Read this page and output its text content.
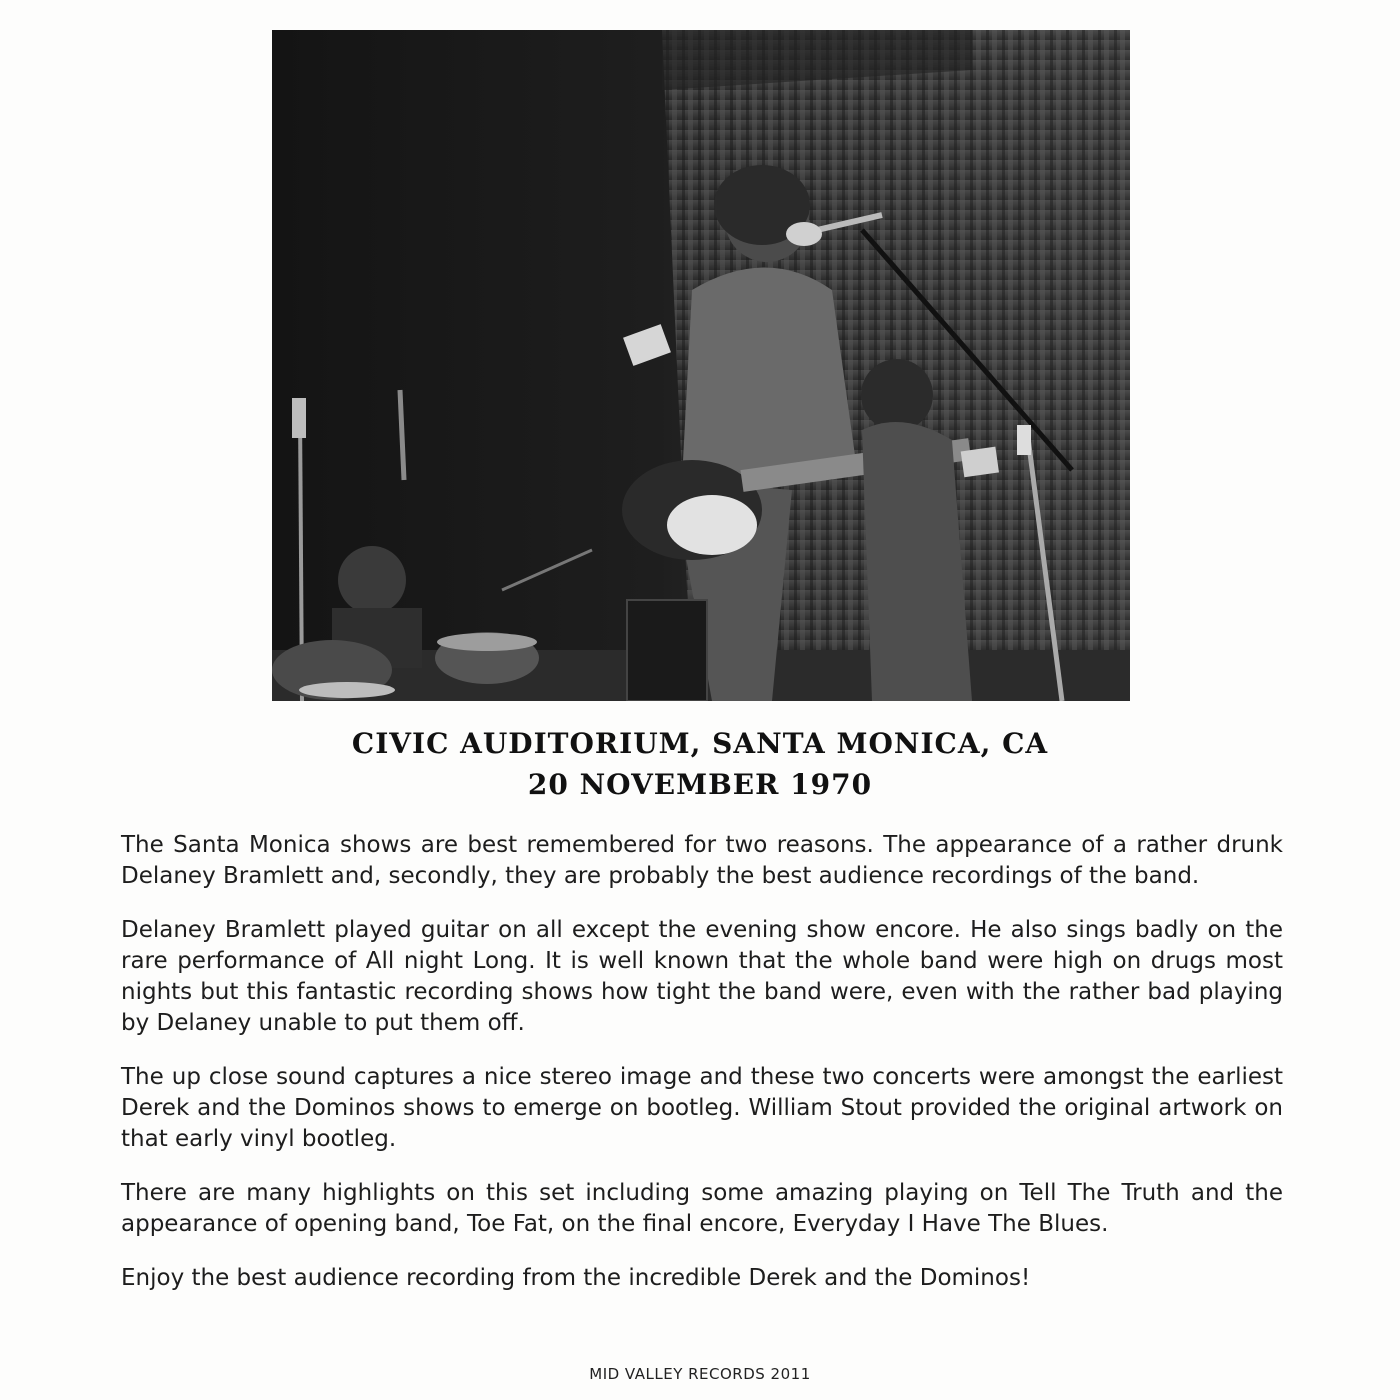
CIVIC AUDITORIUM, SANTA MONICA, CA
20 NOVEMBER 1970

The Santa Monica shows are best remembered for two reasons. The appearance of a rather drunk Delaney Bramlett and, secondly, they are probably the best audience recordings of the band.

Delaney Bramlett played guitar on all except the evening show encore. He also sings badly on the rare performance of All night Long. It is well known that the whole band were high on drugs most nights but this fantastic recording shows how tight the band were, even with the rather bad playing by Delaney unable to put them off.

The up close sound captures a nice stereo image and these two concerts were amongst the earliest Derek and the Dominos shows to emerge on bootleg. William Stout provided the original artwork on that early vinyl bootleg.

There are many highlights on this set including some amazing playing on Tell The Truth and the appearance of opening band, Toe Fat, on the final encore, Everyday I Have The Blues.

Enjoy the best audience recording from the incredible Derek and the Dominos!

MID VALLEY RECORDS 2011
